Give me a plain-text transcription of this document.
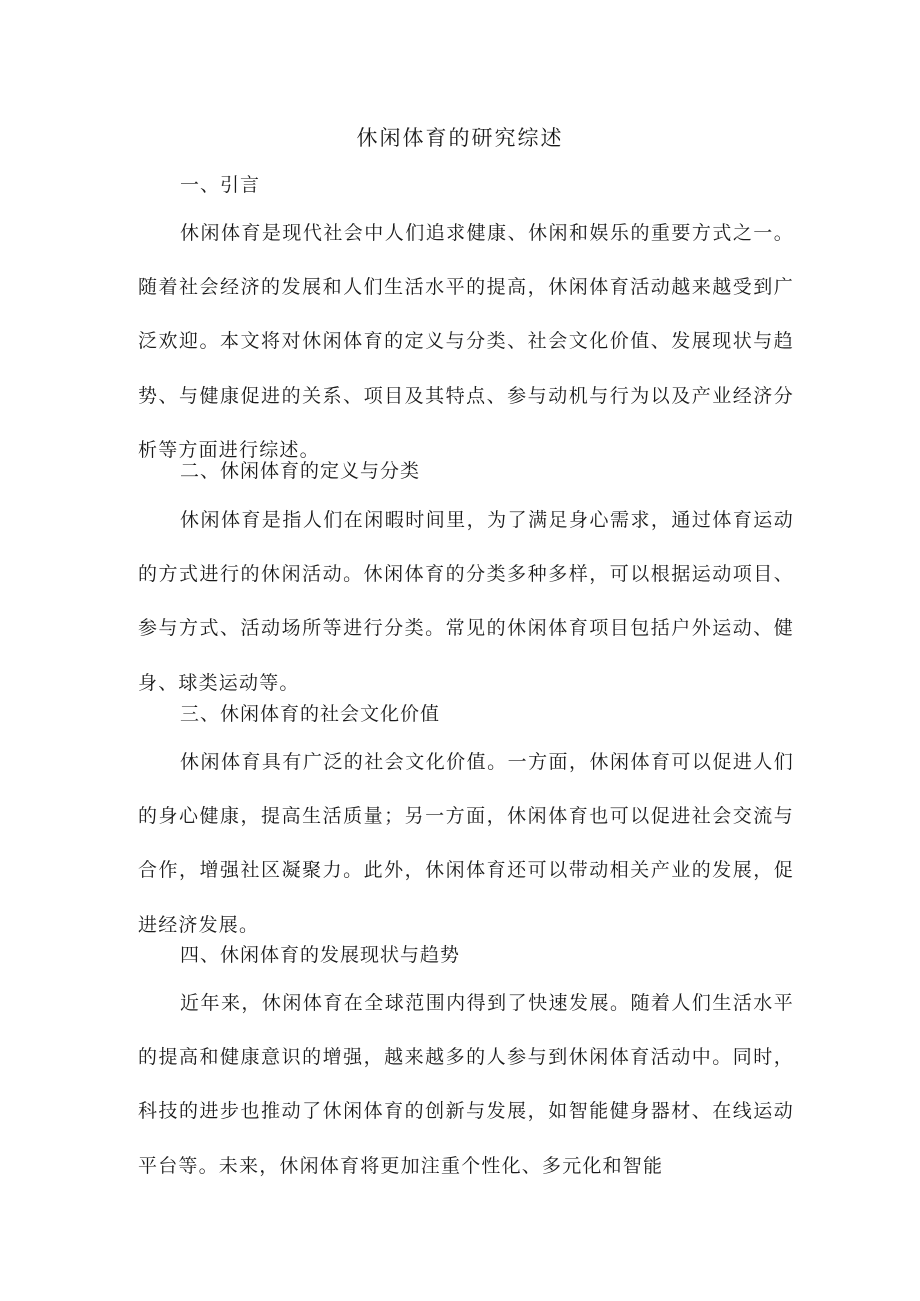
休闲体育的研究综述
一、引言
休闲体育是现代社会中人们追求健康、休闲和娱乐的重要方式之一。随着社会经济的发展和人们生活水平的提高，休闲体育活动越来越受到广泛欢迎。本文将对休闲体育的定义与分类、社会文化价值、发展现状与趋势、与健康促进的关系、项目及其特点、参与动机与行为以及产业经济分析等方面进行综述。
二、休闲体育的定义与分类
休闲体育是指人们在闲暇时间里，为了满足身心需求，通过体育运动的方式进行的休闲活动。休闲体育的分类多种多样，可以根据运动项目、参与方式、活动场所等进行分类。常见的休闲体育项目包括户外运动、健身、球类运动等。
三、休闲体育的社会文化价值
休闲体育具有广泛的社会文化价值。一方面，休闲体育可以促进人们的身心健康，提高生活质量；另一方面，休闲体育也可以促进社会交流与合作，增强社区凝聚力。此外，休闲体育还可以带动相关产业的发展，促进经济发展。
四、休闲体育的发展现状与趋势
近年来，休闲体育在全球范围内得到了快速发展。随着人们生活水平的提高和健康意识的增强，越来越多的人参与到休闲体育活动中。同时，科技的进步也推动了休闲体育的创新与发展，如智能健身器材、在线运动平台等。未来，休闲体育将更加注重个性化、多元化和智能
